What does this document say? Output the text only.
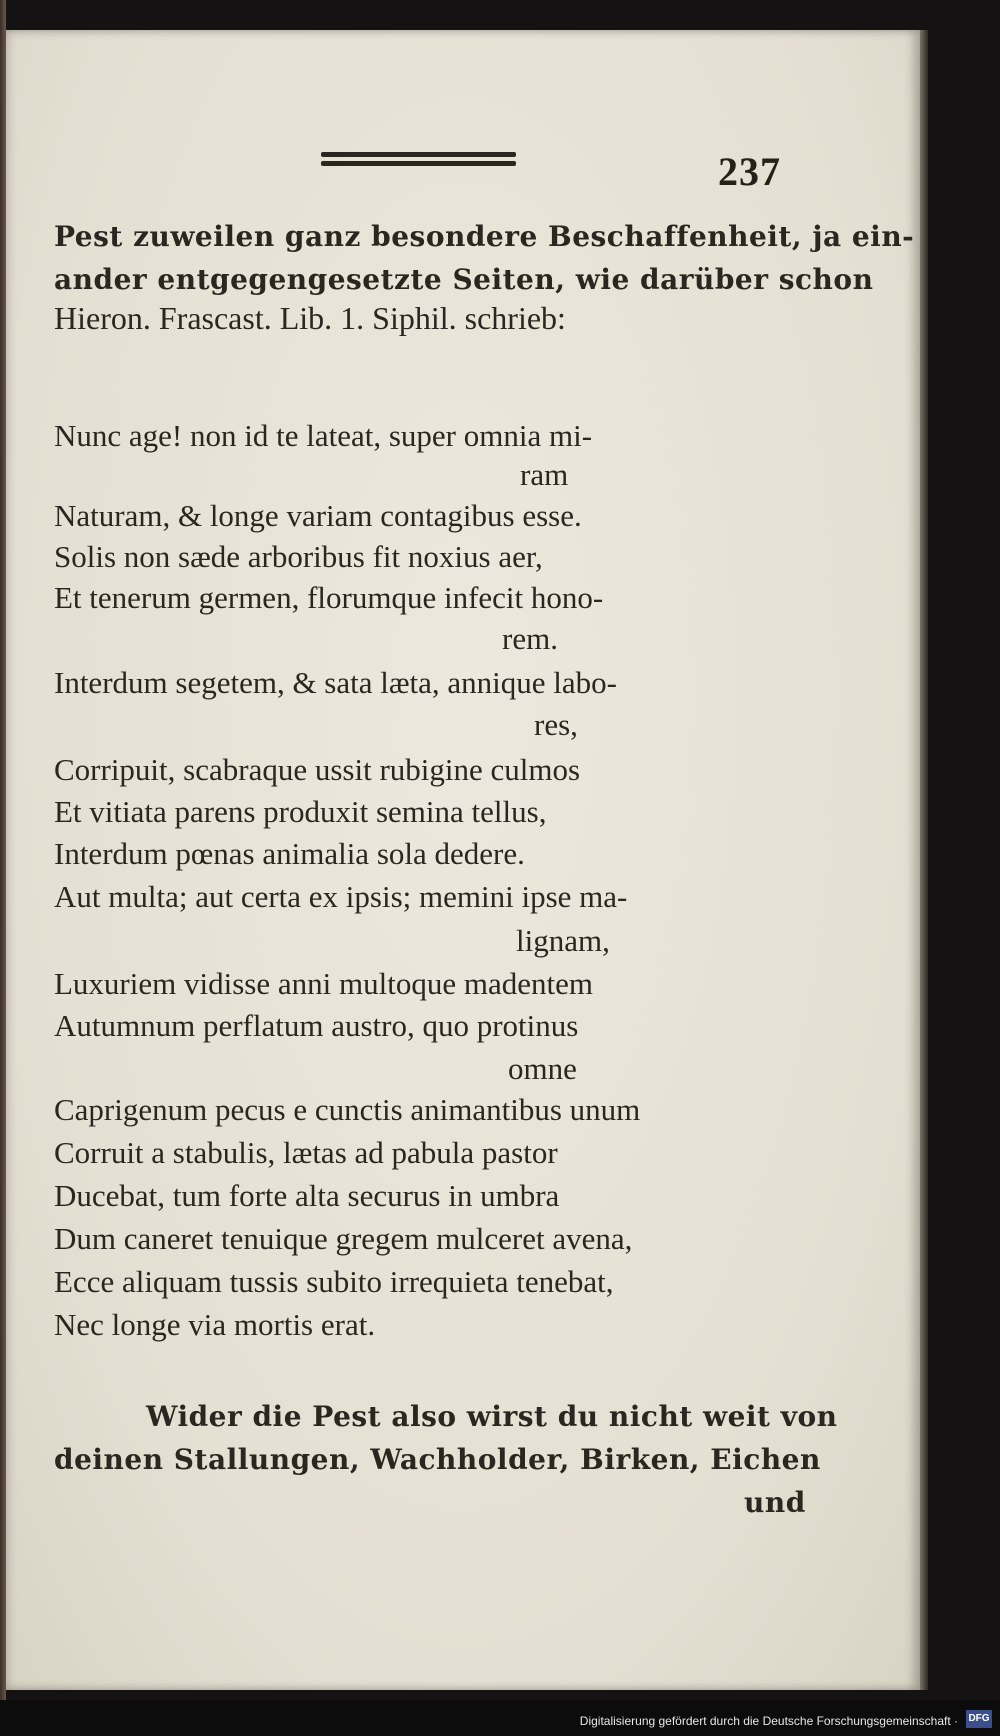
237
Pest zuweilen ganz besondere Beschaffenheit, ja ein-
ander entgegengesetzte Seiten, wie darüber schon
Hieron. Frascast. Lib. 1. Siphil. schrieb:
Nunc age! non id te lateat, super omnia mi-
ram
Naturam, & longe variam contagibus esse.
Solis non sæde arboribus fit noxius aer,
Et tenerum germen, florumque infecit hono-
rem.
Interdum segetem, & sata læta, annique labo-
res,
Corripuit, scabraque ussit rubigine culmos
Et vitiata parens produxit semina tellus,
Interdum pœnas animalia sola dedere.
Aut multa; aut certa ex ipsis; memini ipse ma-
lignam,
Luxuriem vidisse anni multoque madentem
Autumnum perflatum austro, quo protinus
omne
Caprigenum pecus e cunctis animantibus unum
Corruit a stabulis, lætas ad pabula pastor
Ducebat, tum forte alta securus in umbra
Dum caneret tenuique gregem mulceret avena,
Ecce aliquam tussis subito irrequieta tenebat,
Nec longe via mortis erat.
Wider die Pest also wirst du nicht weit von
deinen Stallungen, Wachholder, Birken, Eichen
und
Digitalisierung gefördert durch die Deutsche Forschungsgemeinschaft · DFG
